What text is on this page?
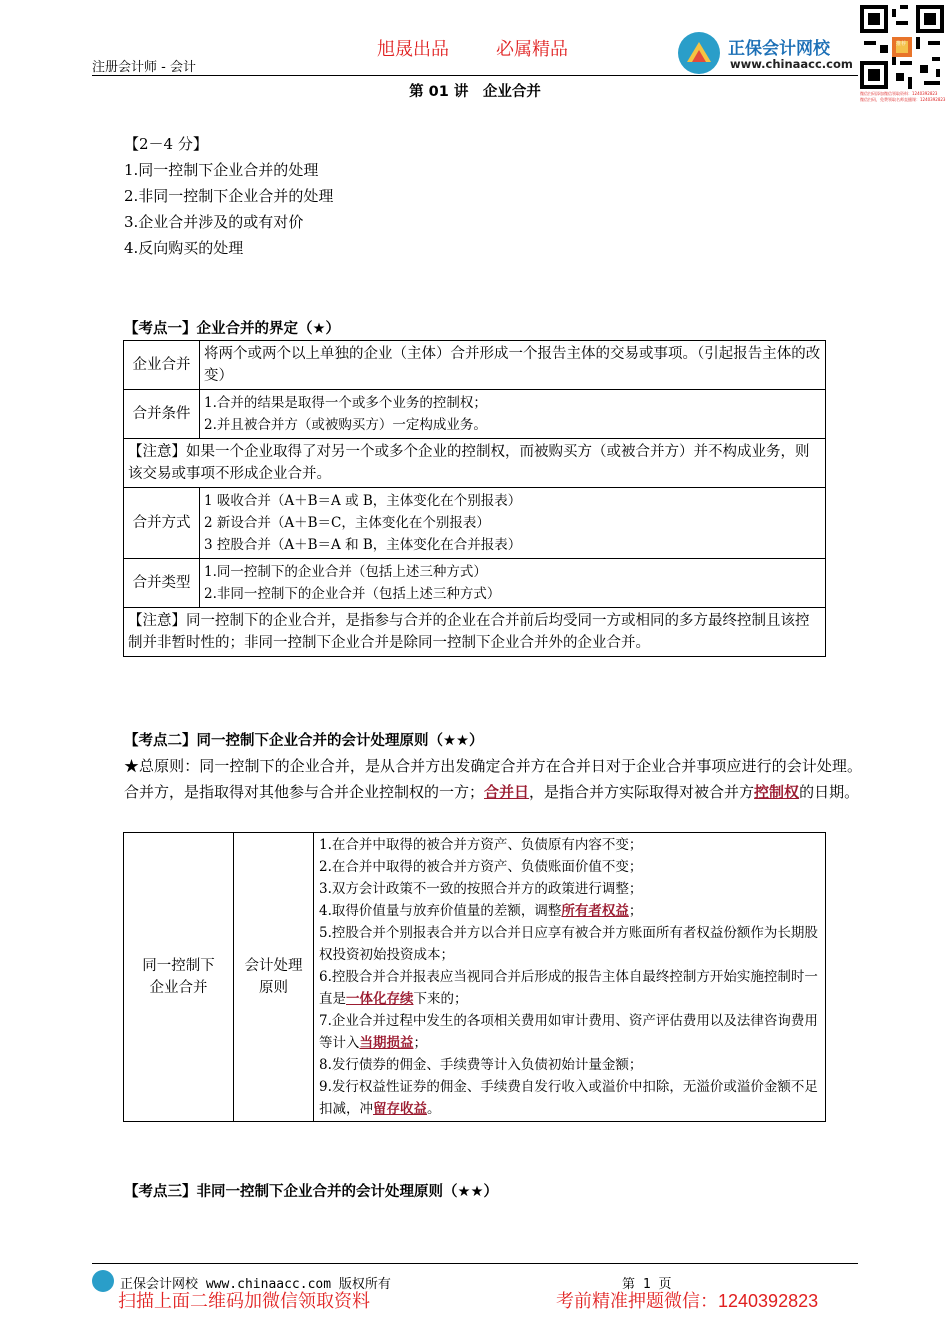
旭晟出品	必属精品
注册会计师 - 会计
正保会计网校
www.chinaacc.com
微信扫码添加微信领取资料：1240392823
微信扫码，免费领取名师直播课：1240392823
推荐
第 01 讲　企业合并
【2－4 分】
1.同一控制下企业合并的处理
2.非同一控制下企业合并的处理
3.企业合并涉及的或有对价
4.反向购买的处理
【考点一】企业合并的界定（★）
企业合并	将两个或两个以上单独的企业（主体）合并形成一个报告主体的交易或事项。（引起报告主体的改变）
合并条件	1.合并的结果是取得一个或多个业务的控制权；
2.并且被合并方（或被购买方）一定构成业务。

【注意】如果一个企业取得了对另一个或多个企业的控制权，而被购买方（或被合并方）并不构成业务，则该交易或事项不形成企业合并。	
合并方式	1 吸收合并（A＋B＝A 或 B，主体变化在个别报表）
2 新设合并（A＋B＝C，主体变化在个别报表）
3 控股合并（A＋B＝A 和 B，主体变化在合并报表）

合并类型	1.同一控制下的企业合并（包括上述三种方式）
2.非同一控制下的企业合并（包括上述三种方式）

【注意】同一控制下的企业合并，是指参与合并的企业在合并前后均受同一方或相同的多方最终控制且该控制并非暂时性的；非同一控制下企业合并是除同一控制下企业合并外的企业合并。	
【考点二】同一控制下企业合并的会计处理原则（★★）
★总原则：同一控制下的企业合并，是从合并方出发确定合并方在合并日对于企业合并事项应进行的会计处理。合并方，是指取得对其他参与合并企业控制权的一方；合并日，是指合并方实际取得对被合并方控制权的日期。
同一控制下企业合并	会计处理原则	
1.在合并中取得的被合并方资产、负债原有内容不变；
2.在合并中取得的被合并方资产、负债账面价值不变；
3.双方会计政策不一致的按照合并方的政策进行调整；
4.取得价值量与放弃价值量的差额，调整所有者权益；
5.控股合并个别报表合并方以合并日应享有被合并方账面所有者权益份额作为长期股权投资初始投资成本；
6.控股合并合并报表应当视同合并后形成的报告主体自最终控制方开始实施控制时一直是一体化存续下来的；
7.企业合并过程中发生的各项相关费用如审计费用、资产评估费用以及法律咨询费用等计入当期损益；
8.发行债券的佣金、手续费等计入负债初始计量金额；
9.发行权益性证券的佣金、手续费自发行收入或溢价中扣除，无溢价或溢价金额不足扣减，冲留存收益。
【考点三】非同一控制下企业合并的会计处理原则（★★）
正保会计网校 www.chinaacc.com 版权所有	第 1 页
扫描上面二维码加微信领取资料	考前精准押题微信：1240392823
